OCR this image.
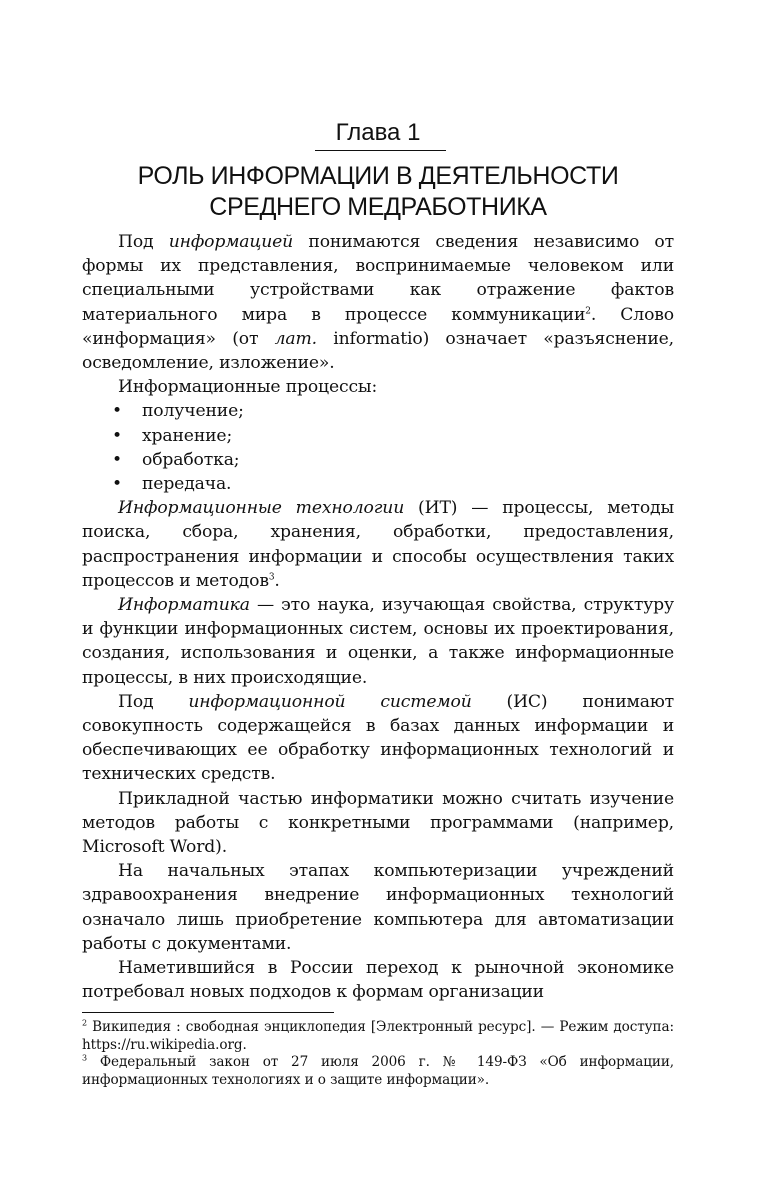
Глава 1
РОЛЬ ИНФОРМАЦИИ В ДЕЯТЕЛЬНОСТИ
СРЕДНЕГО МЕДРАБОТНИКА

Под информацией понимаются сведения независимо от формы их представления, воспринимаемые человеком или специальными устройствами как отражение фактов материального мира в процессе коммуникации$^2$. Слово «информация» (от лат. informatio) означает «разъяснение, осведомление, изложение».

Информационные процессы:

• получение;
• хранение;
• обработка;
• передача.

Информационные технологии (ИТ) — процессы, методы поиска, сбора, хранения, обработки, предоставления, распространения информации и способы осуществления таких процессов и методов$^3$.

Информатика — это наука, изучающая свойства, структуру и функции информационных систем, основы их проектирования, создания, использования и оценки, а также информационные процессы, в них происходящие.

Под информационной системой (ИС) понимают совокупность содержащейся в базах данных информации и обеспечивающих ее обработку информационных технологий и технических средств.

Прикладной частью информатики можно считать изучение методов работы с конкретными программами (например, Microsoft Word).

На начальных этапах компьютеризации учреждений здравоохранения внедрение информационных технологий означало лишь приобретение компьютера для автоматизации работы с документами.

Наметившийся в России переход к рыночной экономике потребовал новых подходов к формам организации

$^2$ Википедия : свободная энциклопедия [Электронный ресурс]. — Режим доступа: https://ru.wikipedia.org.

$^3$ Федеральный закон от 27 июля 2006 г. № 149-ФЗ «Об информации, информационных технологиях и о защите информации».
